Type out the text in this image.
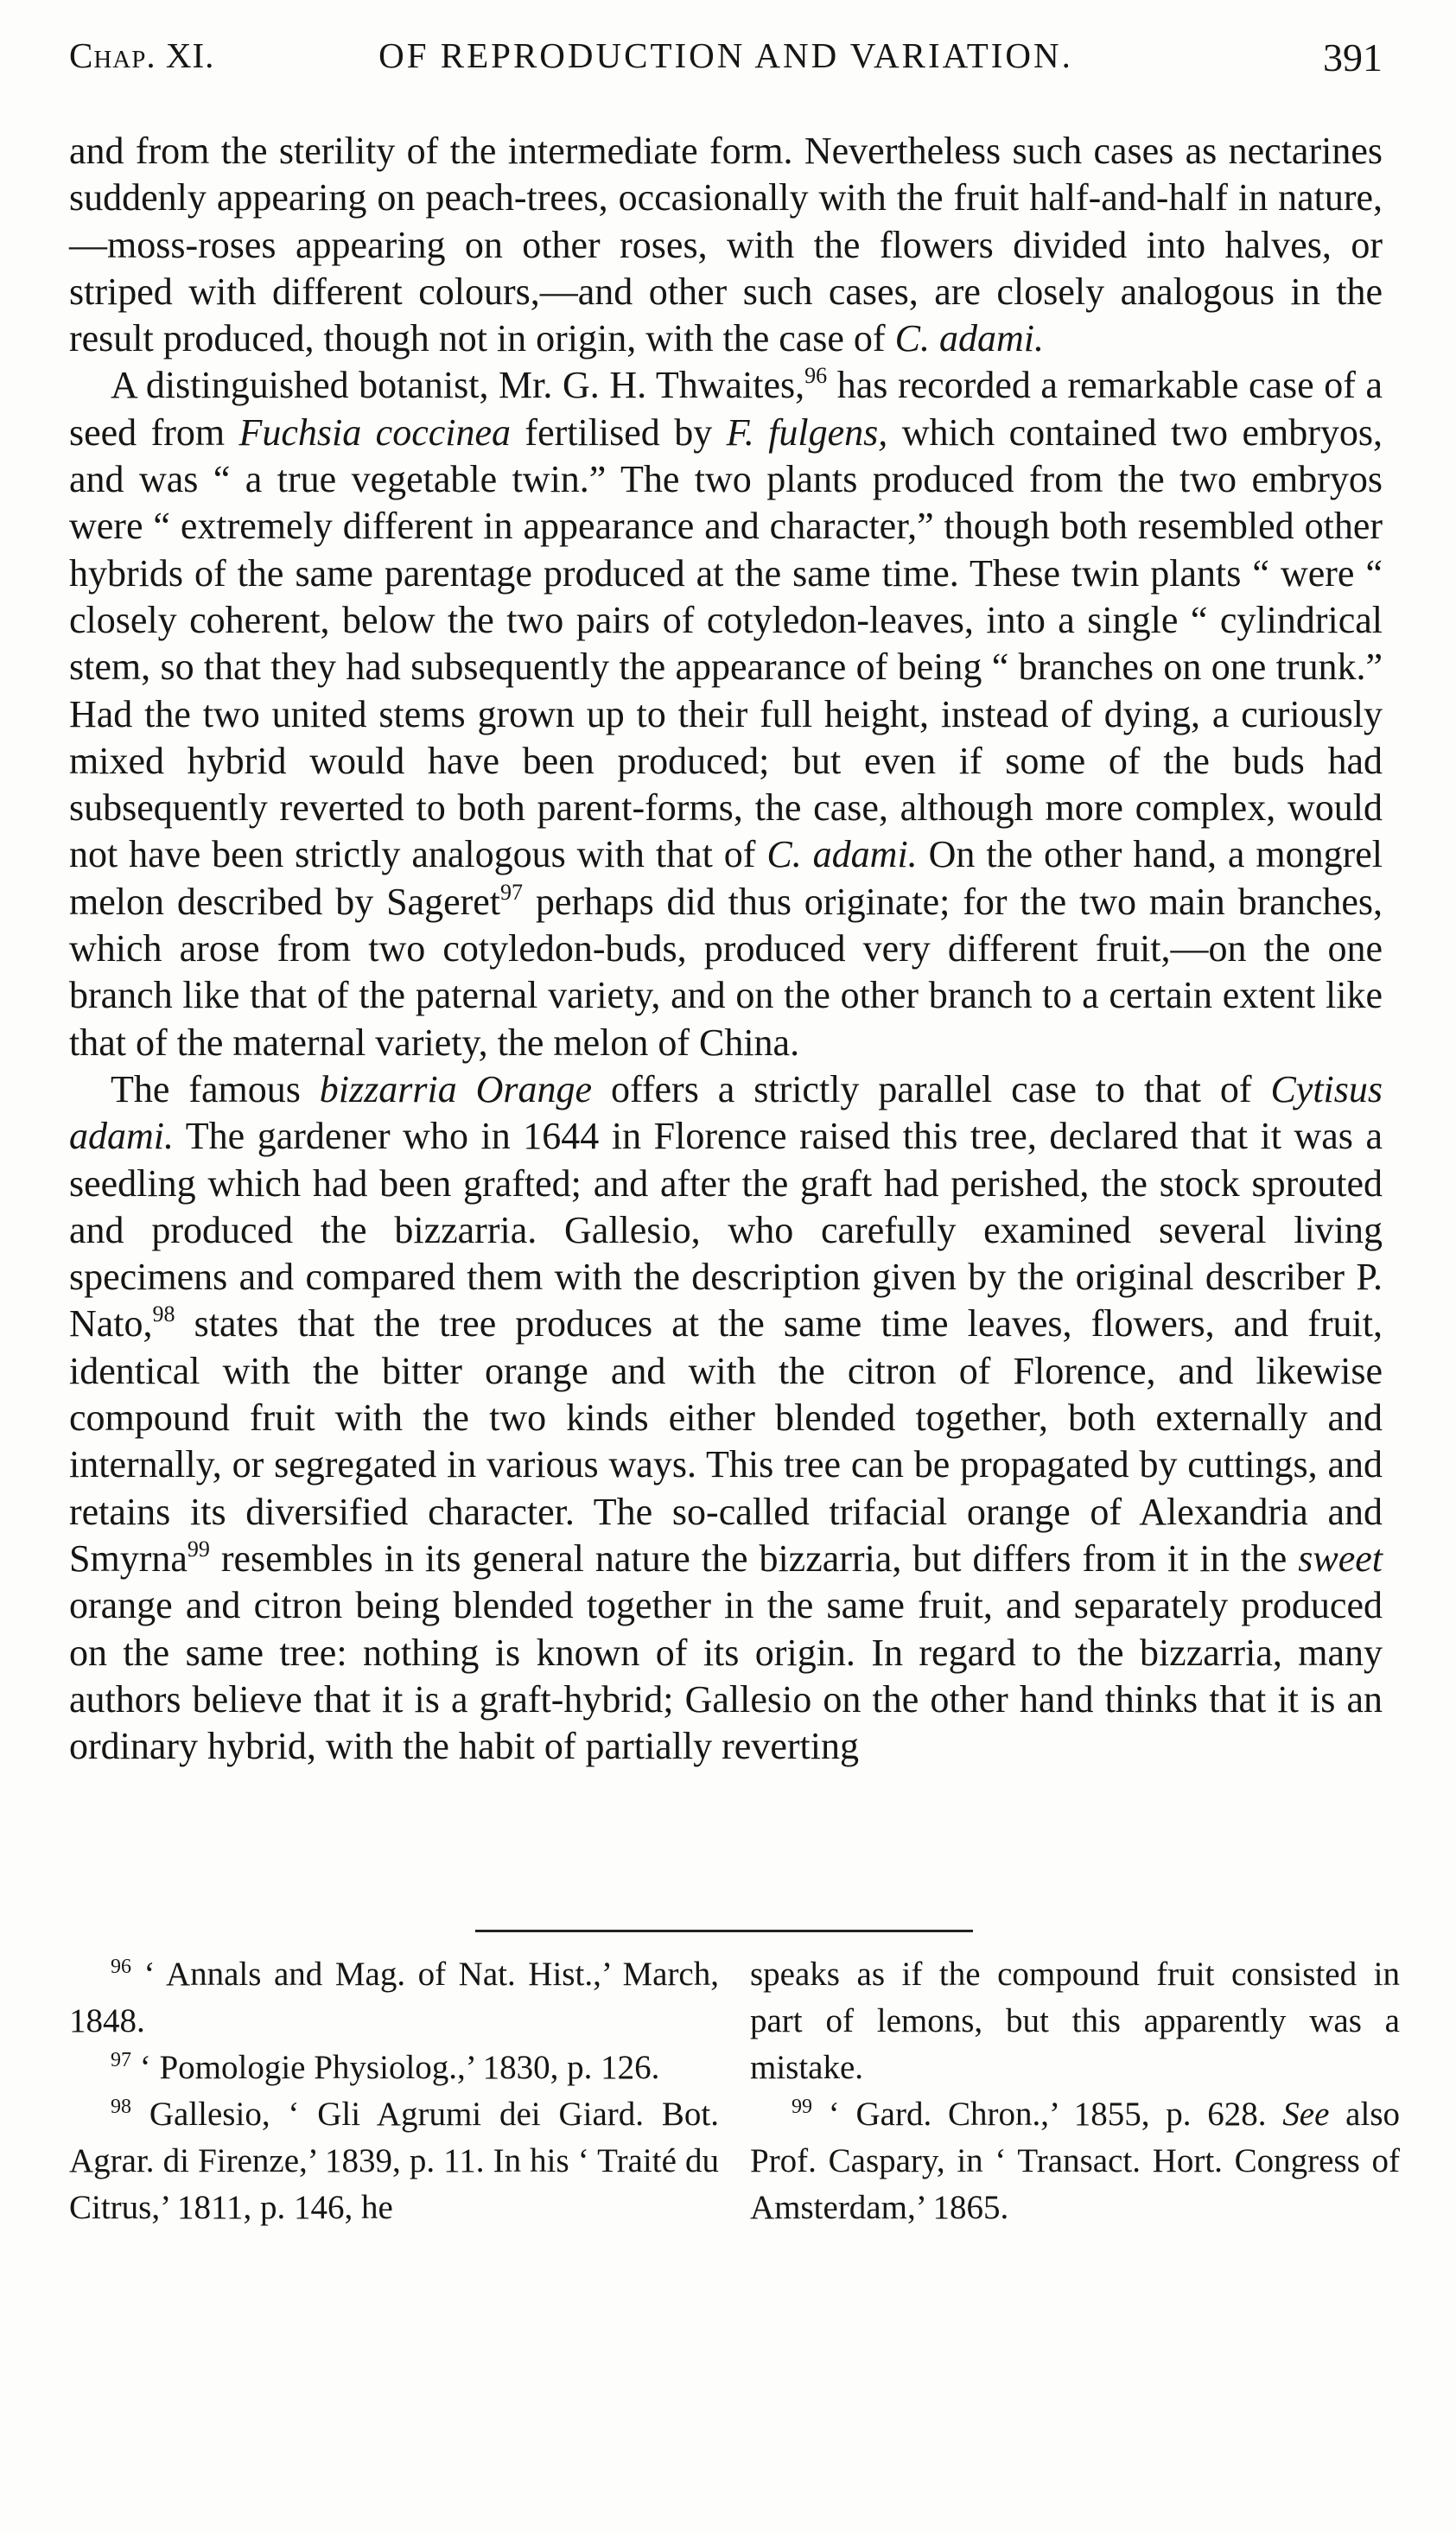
Chap. XI.	OF REPRODUCTION AND VARIATION.	391

and from the sterility of the intermediate form. Nevertheless such cases as nectarines suddenly appearing on peach-trees, occasionally with the fruit half-and-half in nature,—moss-roses appearing on other roses, with the flowers divided into halves, or striped with different colours,—and other such cases, are closely analogous in the result produced, though not in origin, with the case of C. adami.

A distinguished botanist, Mr. G. H. Thwaites,$^{96}$ has recorded a remarkable case of a seed from Fuchsia coccinea fertilised by F. fulgens, which contained two embryos, and was “ a true vegetable twin.” The two plants produced from the two embryos were “ extremely different in appearance and character,” though both resembled other hybrids of the same parentage produced at the same time. These twin plants “ were “ closely coherent, below the two pairs of cotyledon-leaves, into a single “ cylindrical stem, so that they had subsequently the appearance of being “ branches on one trunk.” Had the two united stems grown up to their full height, instead of dying, a curiously mixed hybrid would have been produced; but even if some of the buds had subsequently reverted to both parent-forms, the case, although more complex, would not have been strictly analogous with that of C. adami. On the other hand, a mongrel melon described by Sageret$^{97}$ perhaps did thus originate; for the two main branches, which arose from two cotyledon-buds, produced very different fruit,—on the one branch like that of the paternal variety, and on the other branch to a certain extent like that of the maternal variety, the melon of China.

The famous bizzarria Orange offers a strictly parallel case to that of Cytisus adami. The gardener who in 1644 in Florence raised this tree, declared that it was a seedling which had been grafted; and after the graft had perished, the stock sprouted and produced the bizzarria. Gallesio, who carefully examined several living specimens and compared them with the description given by the original describer P. Nato,$^{98}$ states that the tree produces at the same time leaves, flowers, and fruit, identical with the bitter orange and with the citron of Florence, and likewise compound fruit with the two kinds either blended together, both externally and internally, or segregated in various ways. This tree can be propagated by cuttings, and retains its diversified character. The so-called trifacial orange of Alexandria and Smyrna$^{99}$ resembles in its general nature the bizzarria, but differs from it in the sweet orange and citron being blended together in the same fruit, and separately produced on the same tree: nothing is known of its origin. In regard to the bizzarria, many authors believe that it is a graft-hybrid; Gallesio on the other hand thinks that it is an ordinary hybrid, with the habit of partially reverting

$^{96}$ ‘ Annals and Mag. of Nat. Hist.,’ March, 1848.

$^{97}$ ‘ Pomologie Physiolog.,’ 1830, p. 126.

$^{98}$ Gallesio, ‘ Gli Agrumi dei Giard. Bot. Agrar. di Firenze,’ 1839, p. 11. In his ‘ Traité du Citrus,’ 1811, p. 146, he

speaks as if the compound fruit consisted in part of lemons, but this apparently was a mistake.

$^{99}$ ‘ Gard. Chron.,’ 1855, p. 628. See also Prof. Caspary, in ‘ Transact. Hort. Congress of Amsterdam,’ 1865.
